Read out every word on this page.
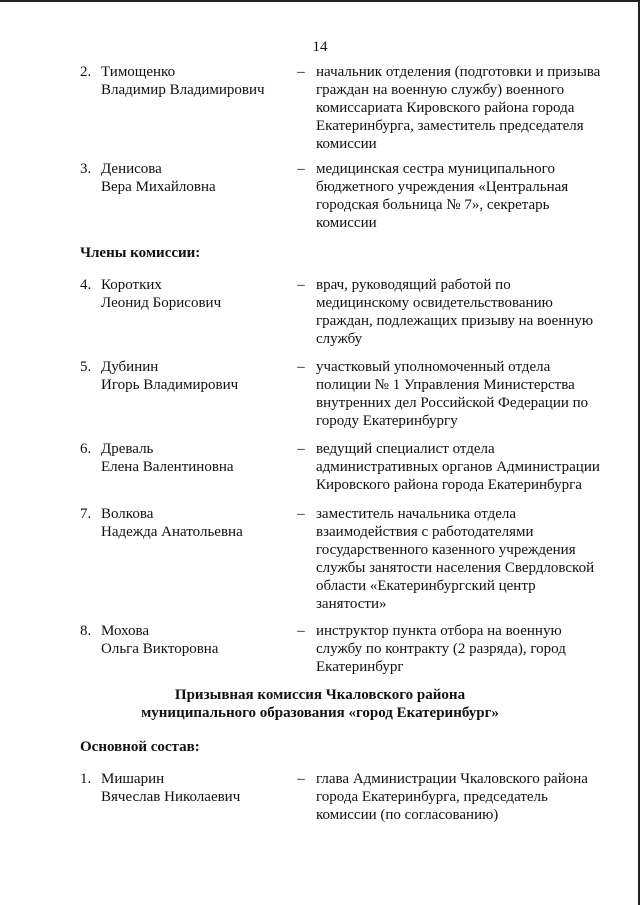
14
2. Тимощенко
Владимир Владимирович
– начальник отделения (подготовки и призыва
граждан на военную службу) военного
комиссариата Кировского района города
Екатеринбурга, заместитель председателя
комиссии
3. Денисова
Вера Михайловна
– медицинская сестра муниципального
бюджетного учреждения «Центральная
городская больница № 7», секретарь
комиссии
Члены комиссии:
4. Коротких
Леонид Борисович
– врач, руководящий работой по
медицинскому освидетельствованию
граждан, подлежащих призыву на военную
службу
5. Дубинин
Игорь Владимирович
– участковый уполномоченный отдела
полиции № 1 Управления Министерства
внутренних дел Российской Федерации по
городу Екатеринбургу
6. Древаль
Елена Валентиновна
– ведущий специалист отдела
административных органов Администрации
Кировского района города Екатеринбурга
7. Волкова
Надежда Анатольевна
– заместитель начальника отдела
взаимодействия с работодателями
государственного казенного учреждения
службы занятости населения Свердловской
области «Екатеринбургский центр
занятости»
8. Мохова
Ольга Викторовна
– инструктор пункта отбора на военную
службу по контракту (2 разряда), город
Екатеринбург
Призывная комиссия Чкаловского района
муниципального образования «город Екатеринбург»
Основной состав:
1. Мишарин
Вячеслав Николаевич
– глава Администрации Чкаловского района
города Екатеринбурга, председатель
комиссии (по согласованию)
